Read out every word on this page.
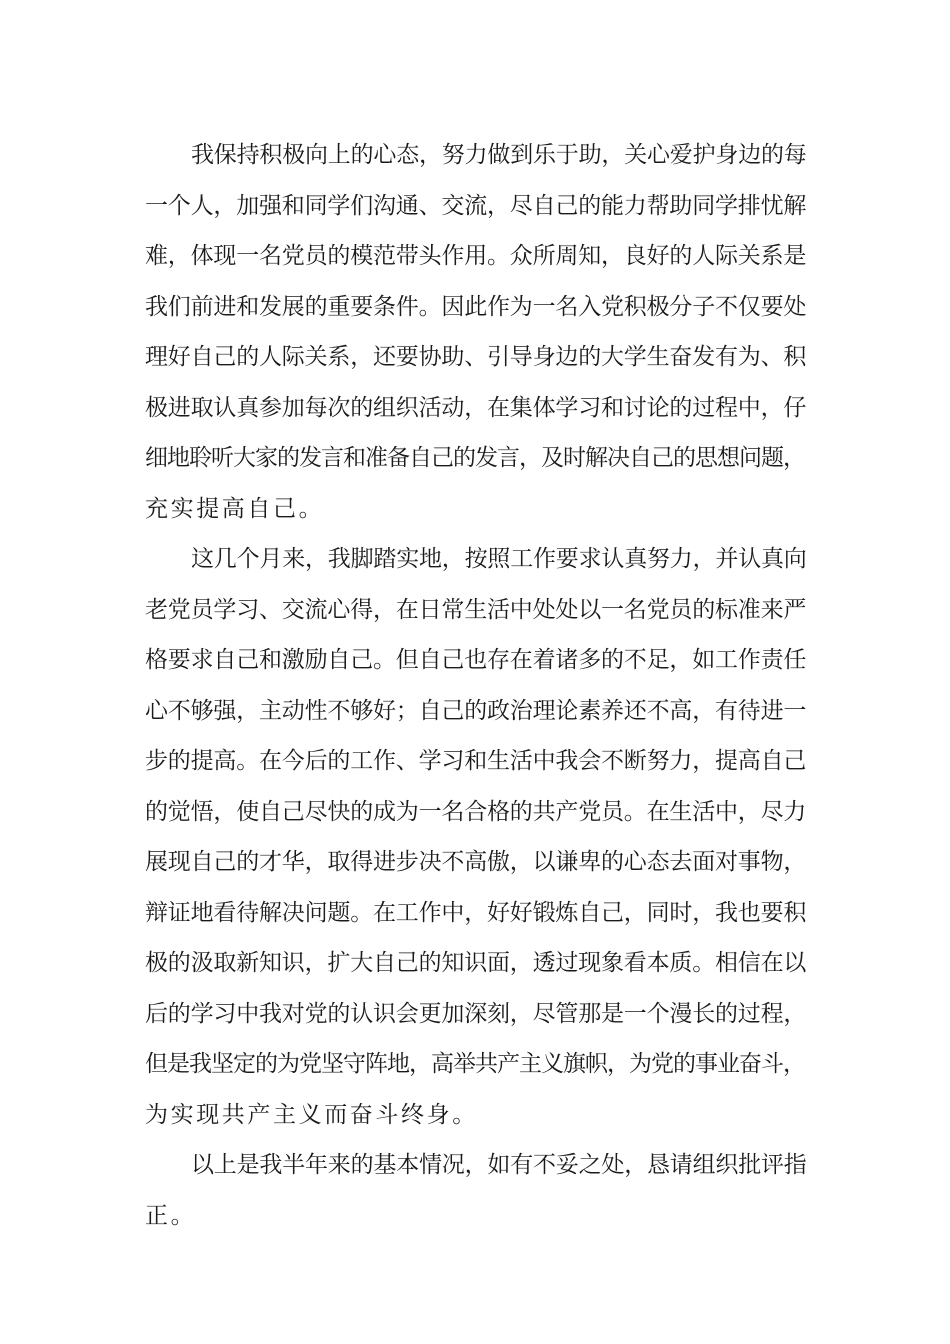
我保持积极向上的心态，努力做到乐于助，关心爱护身边的每
一个人，加强和同学们沟通、交流，尽自己的能力帮助同学排忧解
难，体现一名党员的模范带头作用。众所周知，良好的人际关系是
我们前进和发展的重要条件。因此作为一名入党积极分子不仅要处
理好自己的人际关系，还要协助、引导身边的大学生奋发有为、积
极进取认真参加每次的组织活动，在集体学习和讨论的过程中，仔
细地聆听大家的发言和准备自己的发言，及时解决自己的思想问题，
充实提高自己。
这几个月来，我脚踏实地，按照工作要求认真努力，并认真向
老党员学习、交流心得，在日常生活中处处以一名党员的标准来严
格要求自己和激励自己。但自己也存在着诸多的不足，如工作责任
心不够强，主动性不够好；自己的政治理论素养还不高，有待进一
步的提高。在今后的工作、学习和生活中我会不断努力，提高自己
的觉悟，使自己尽快的成为一名合格的共产党员。在生活中，尽力
展现自己的才华，取得进步决不高傲，以谦卑的心态去面对事物，
辩证地看待解决问题。在工作中，好好锻炼自己，同时，我也要积
极的汲取新知识，扩大自己的知识面，透过现象看本质。相信在以
后的学习中我对党的认识会更加深刻，尽管那是一个漫长的过程，
但是我坚定的为党坚守阵地，高举共产主义旗帜，为党的事业奋斗，
为实现共产主义而奋斗终身。
以上是我半年来的基本情况，如有不妥之处，恳请组织批评指
正。
